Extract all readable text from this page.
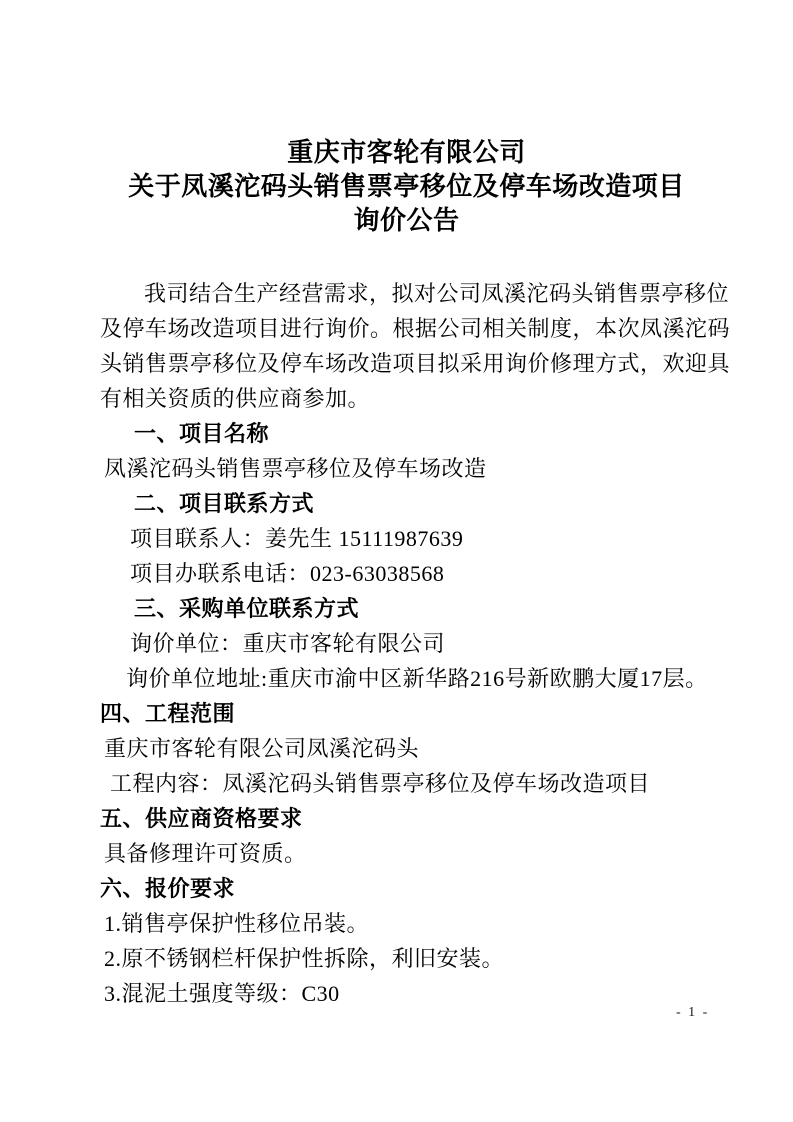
重庆市客轮有限公司
关于凤溪沱码头销售票亭移位及停车场改造项目
询价公告
我司结合生产经营需求，拟对公司凤溪沱码头销售票亭移位
及停车场改造项目进行询价。根据公司相关制度，本次凤溪沱码
头销售票亭移位及停车场改造项目拟采用询价修理方式，欢迎具
有相关资质的供应商参加。
一、项目名称
凤溪沱码头销售票亭移位及停车场改造
二、项目联系方式
项目联系人：姜先生 15111987639
项目办联系电话：023-63038568
三、采购单位联系方式
询价单位：重庆市客轮有限公司
询价单位地址:重庆市渝中区新华路216号新欧鹏大厦17层。
四、工程范围
重庆市客轮有限公司凤溪沱码头
工程内容：凤溪沱码头销售票亭移位及停车场改造项目
五、供应商资格要求
具备修理许可资质。
六、报价要求
1.销售亭保护性移位吊装。
2.原不锈钢栏杆保护性拆除，利旧安装。
3.混泥土强度等级：C30
- 1 -
